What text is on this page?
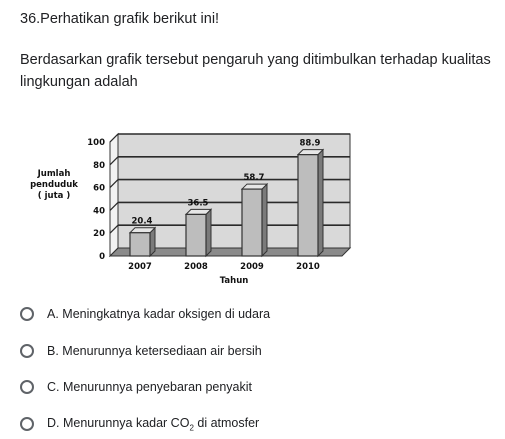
36.Perhatikan grafik berikut ini!
Berdasarkan grafik tersebut pengaruh yang ditimbulkan terhadap kualitas lingkungan adalah
0
20
40
60
80
100
Jumlah
penduduk
( juta )
20.4
2007
36.5
2008
58.7
2009
88.9
2010
Tahun
A. Meningkatnya kadar oksigen di udara
B. Menurunnya ketersediaan air bersih
C. Menurunnya penyebaran penyakit
D. Menurunnya kadar $CO_2$ di atmosfer
